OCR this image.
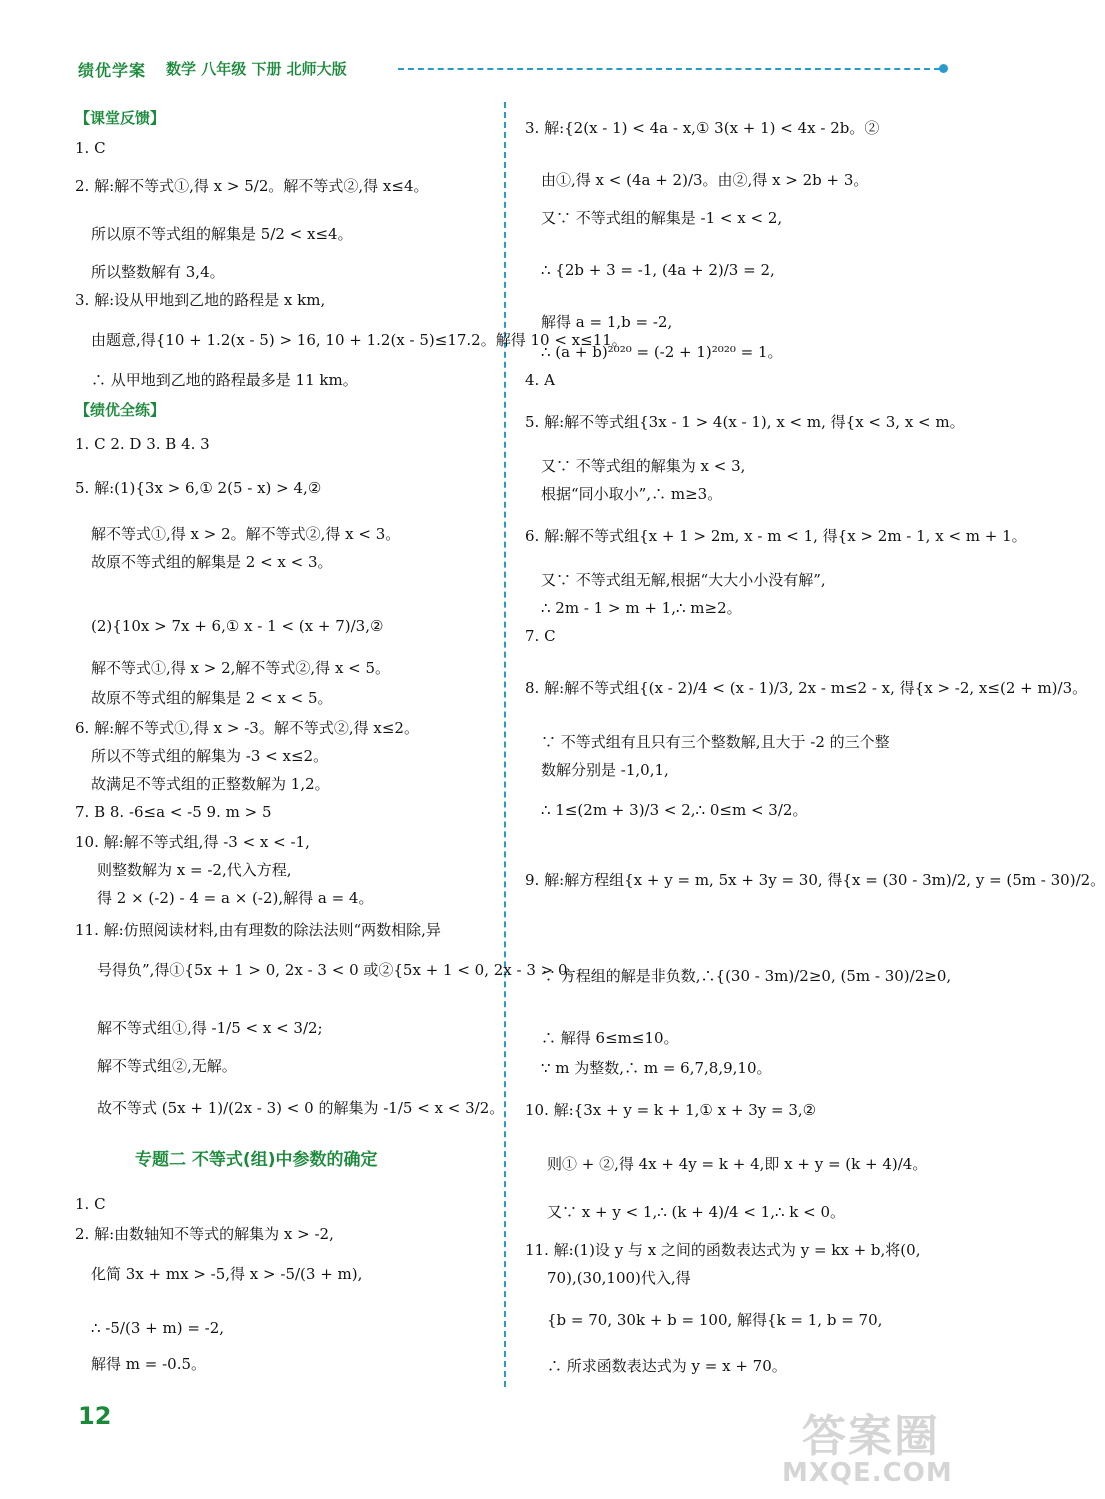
绩优学案 数学 八年级 下册 北师大版
【课堂反馈】
1. C
2. 解:解不等式①,得 x > 5/2。解不等式②,得 x≤4。
所以原不等式组的解集是 5/2 < x≤4。
所以整数解有 3,4。
3. 解:设从甲地到乙地的路程是 x km,
由题意,得{10 + 1.2(x - 5) > 16, 10 + 1.2(x - 5)≤17.2。解得 10 < x≤11。
∴ 从甲地到乙地的路程最多是 11 km。
【绩优全练】
1. C 2. D 3. B 4. 3
5. 解:(1){3x > 6,① 2(5 - x) > 4,②
解不等式①,得 x > 2。解不等式②,得 x < 3。
故原不等式组的解集是 2 < x < 3。
(2){10x > 7x + 6,① x - 1 < (x + 7)/3,②
解不等式①,得 x > 2,解不等式②,得 x < 5。
故原不等式组的解集是 2 < x < 5。
6. 解:解不等式①,得 x > -3。解不等式②,得 x≤2。
所以不等式组的解集为 -3 < x≤2。
故满足不等式组的正整数解为 1,2。
7. B 8. -6≤a < -5 9. m > 5
10. 解:解不等式组,得 -3 < x < -1,
则整数解为 x = -2,代入方程,
得 2 × (-2) - 4 = a × (-2),解得 a = 4。
11. 解:仿照阅读材料,由有理数的除法法则“两数相除,异
号得负”,得①{5x + 1 > 0, 2x - 3 < 0 或②{5x + 1 < 0, 2x - 3 > 0。
解不等式组①,得 -1/5 < x < 3/2;
解不等式组②,无解。
故不等式 (5x + 1)/(2x - 3) < 0 的解集为 -1/5 < x < 3/2。
专题二 不等式(组)中参数的确定
1. C
2. 解:由数轴知不等式的解集为 x > -2,
化简 3x + mx > -5,得 x > -5/(3 + m),
∴ -5/(3 + m) = -2,
解得 m = -0.5。
3. 解:{2(x - 1) < 4a - x,① 3(x + 1) < 4x - 2b。②
由①,得 x < (4a + 2)/3。由②,得 x > 2b + 3。
又∵ 不等式组的解集是 -1 < x < 2,
∴ {2b + 3 = -1, (4a + 2)/3 = 2,
解得 a = 1,b = -2,
∴ (a + b)²⁰²⁰ = (-2 + 1)²⁰²⁰ = 1。
4. A
5. 解:解不等式组{3x - 1 > 4(x - 1), x < m, 得{x < 3, x < m。
又∵ 不等式组的解集为 x < 3,
根据“同小取小”,∴ m≥3。
6. 解:解不等式组{x + 1 > 2m, x - m < 1, 得{x > 2m - 1, x < m + 1。
又∵ 不等式组无解,根据“大大小小没有解”,
∴ 2m - 1 > m + 1,∴ m≥2。
7. C
8. 解:解不等式组{(x - 2)/4 < (x - 1)/3, 2x - m≤2 - x, 得{x > -2, x≤(2 + m)/3。
∵ 不等式组有且只有三个整数解,且大于 -2 的三个整
数解分别是 -1,0,1,
∴ 1≤(2m + 3)/3 < 2,∴ 0≤m < 3/2。
9. 解:解方程组{x + y = m, 5x + 3y = 30, 得{x = (30 - 3m)/2, y = (5m - 30)/2。
∵ 方程组的解是非负数,∴{(30 - 3m)/2≥0, (5m - 30)/2≥0,
∴ 解得 6≤m≤10。
∵ m 为整数,∴ m = 6,7,8,9,10。
10. 解:{3x + y = k + 1,① x + 3y = 3,②
则① + ②,得 4x + 4y = k + 4,即 x + y = (k + 4)/4。
又∵ x + y < 1,∴ (k + 4)/4 < 1,∴ k < 0。
11. 解:(1)设 y 与 x 之间的函数表达式为 y = kx + b,将(0,
70),(30,100)代入,得
{b = 70, 30k + b = 100, 解得{k = 1, b = 70,
∴ 所求函数表达式为 y = x + 70。
12	答案圈
MXQE.COM
